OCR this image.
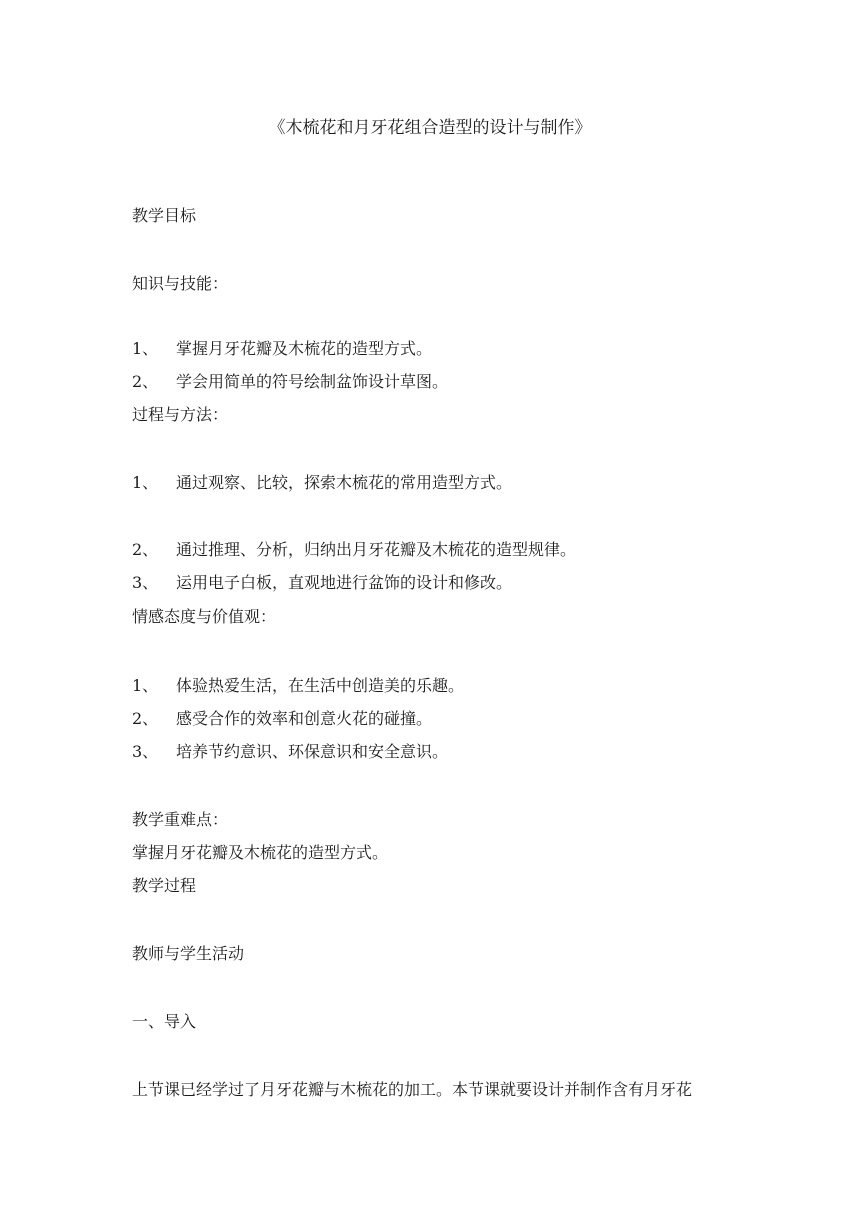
《木梳花和月牙花组合造型的设计与制作》
教学目标
知识与技能：
1、 掌握月牙花瓣及木梳花的造型方式。
2、 学会用简单的符号绘制盆饰设计草图。
过程与方法：
1、 通过观察、比较，探索木梳花的常用造型方式。
2、 通过推理、分析，归纳出月牙花瓣及木梳花的造型规律。
3、 运用电子白板，直观地进行盆饰的设计和修改。
情感态度与价值观：
1、 体验热爱生活，在生活中创造美的乐趣。
2、 感受合作的效率和创意火花的碰撞。
3、 培养节约意识、环保意识和安全意识。
教学重难点：
掌握月牙花瓣及木梳花的造型方式。
教学过程
教师与学生活动
一、导入
上节课已经学过了月牙花瓣与木梳花的加工。本节课就要设计并制作含有月牙花
